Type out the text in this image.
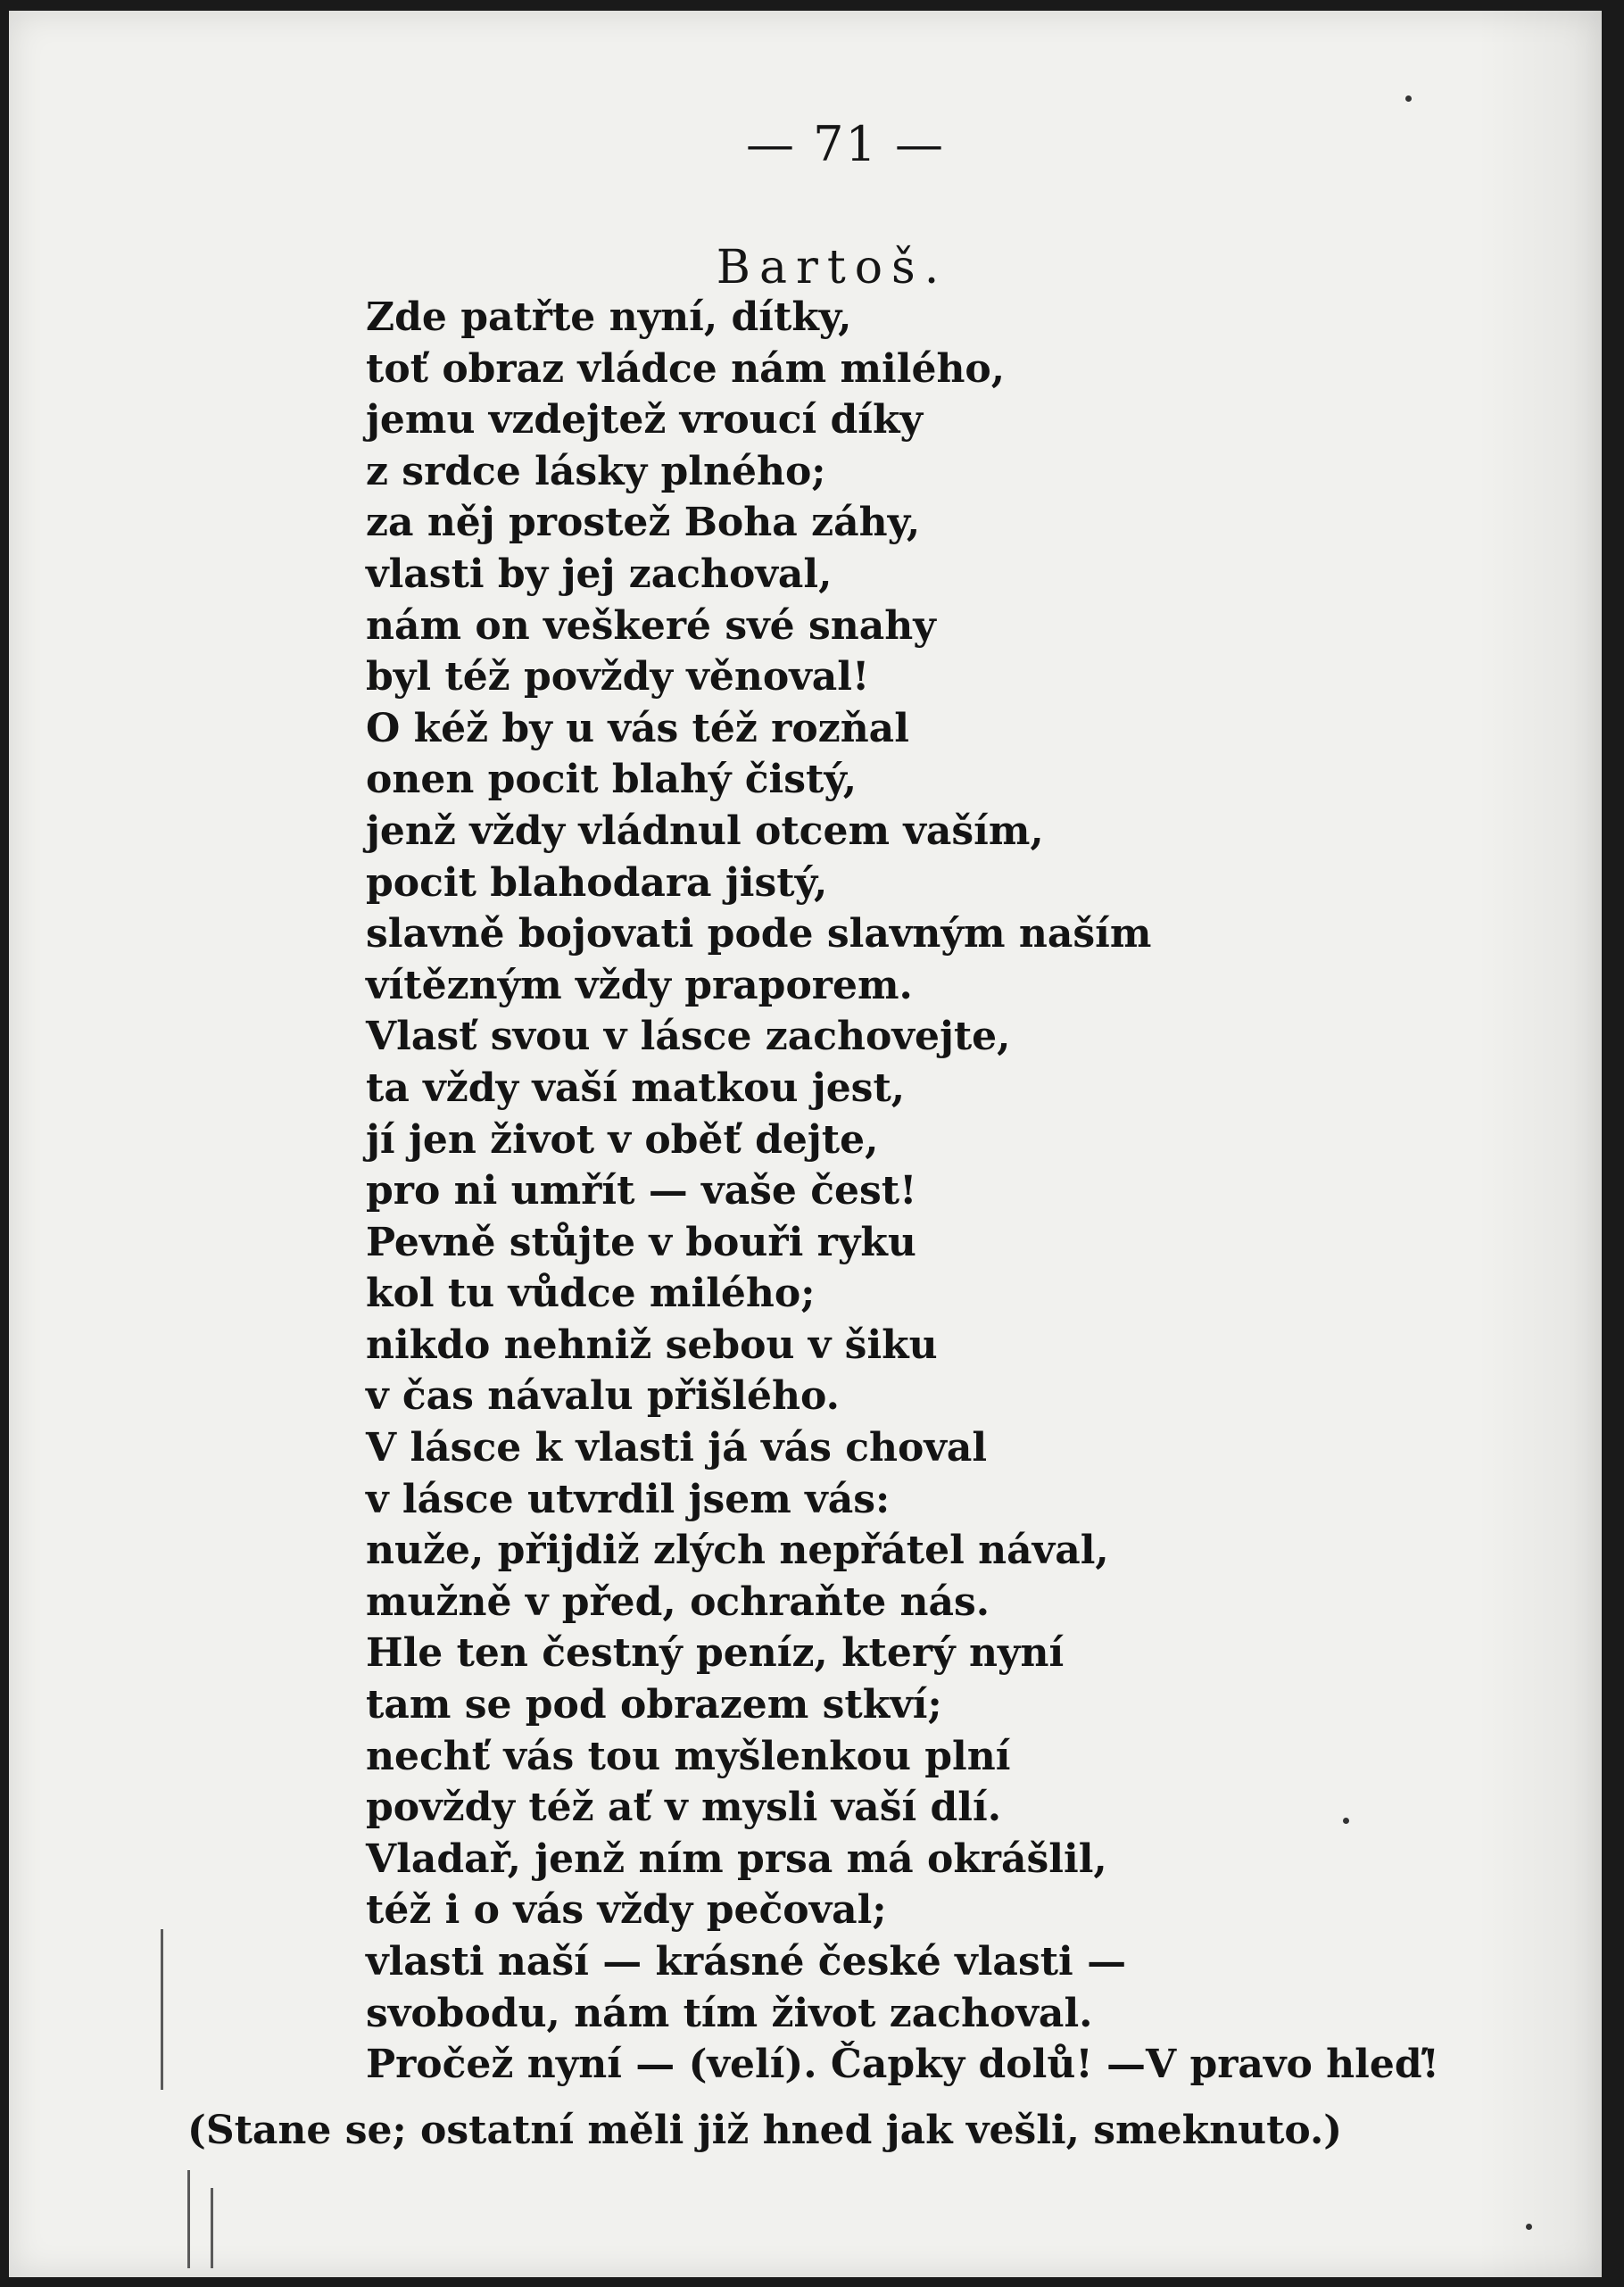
— 71 —
Bartoš.
Zde patřte nyní, dítky,
toť obraz vládce nám milého,
jemu vzdejtež vroucí díky
z srdce lásky plného;
za něj prostež Boha záhy,
vlasti by jej zachoval,
nám on veškeré své snahy
byl též povždy věnoval!
O kéž by u vás též rozňal
onen pocit blahý čistý,
jenž vždy vládnul otcem vaším,
pocit blahodara jistý,
slavně bojovati pode slavným naším
vítězným vždy praporem.
Vlasť svou v lásce zachovejte,
ta vždy vaší matkou jest,
jí jen život v oběť dejte,
pro ni umřít — vaše čest!
Pevně stůjte v bouři ryku
kol tu vůdce milého;
nikdo nehniž sebou v šiku
v čas návalu přišlého.
V lásce k vlasti já vás choval
v lásce utvrdil jsem vás:
nuže, přijdiž zlých nepřátel nával,
mužně v před, ochraňte nás.
Hle ten čestný peníz, který nyní
tam se pod obrazem stkví;
nechť vás tou myšlenkou plní
povždy též ať v mysli vaší dlí.
Vladař, jenž ním prsa má okrášlil,
též i o vás vždy pečoval;
vlasti naší — krásné české vlasti —
svobodu, nám tím život zachoval.
Pročež nyní — (velí). Čapky dolů! —V pravo hleď!
(Stane se; ostatní měli již hned jak vešli, smeknuto.)
